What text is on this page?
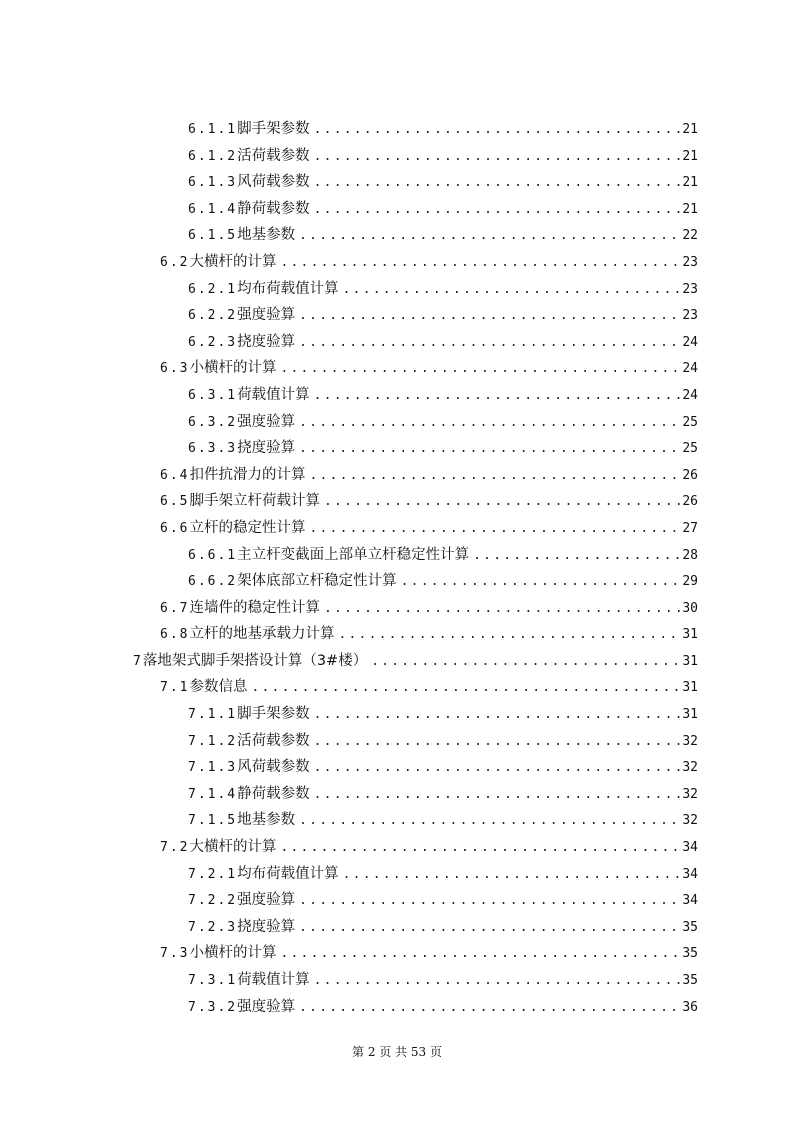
6.1.1 脚手架参数 .....	21
6.1.2 活荷载参数 .....	21
6.1.3 风荷载参数 .....	21
6.1.4 静荷载参数 .....	21
6.1.5 地基参数 .....	22
6.2 大横杆的计算 .....	23
6.2.1 均布荷载值计算 .....	23
6.2.2 强度验算 .....	23
6.2.3 挠度验算 .....	24
6.3 小横杆的计算 .....	24
6.3.1 荷载值计算 .....	24
6.3.2 强度验算 .....	25
6.3.3 挠度验算 .....	25
6.4 扣件抗滑力的计算 .....	26
6.5 脚手架立杆荷载计算 .....	26
6.6 立杆的稳定性计算 .....	27
6.6.1 主立杆变截面上部单立杆稳定性计算 .....	28
6.6.2 架体底部立杆稳定性计算 .....	29
6.7 连墙件的稳定性计算 .....	30
6.8 立杆的地基承载力计算 .....	31
7 落地架式脚手架搭设计算（3#楼） .....	31
7.1 参数信息 .....	31
7.1.1 脚手架参数 .....	31
7.1.2 活荷载参数 .....	32
7.1.3 风荷载参数 .....	32
7.1.4 静荷载参数 .....	32
7.1.5 地基参数 .....	32
7.2 大横杆的计算 .....	34
7.2.1 均布荷载值计算 .....	34
7.2.2 强度验算 .....	34
7.2.3 挠度验算 .....	35
7.3 小横杆的计算 .....	35
7.3.1 荷载值计算 .....	35
7.3.2 强度验算 .....	36
第 2 页 共 53 页
